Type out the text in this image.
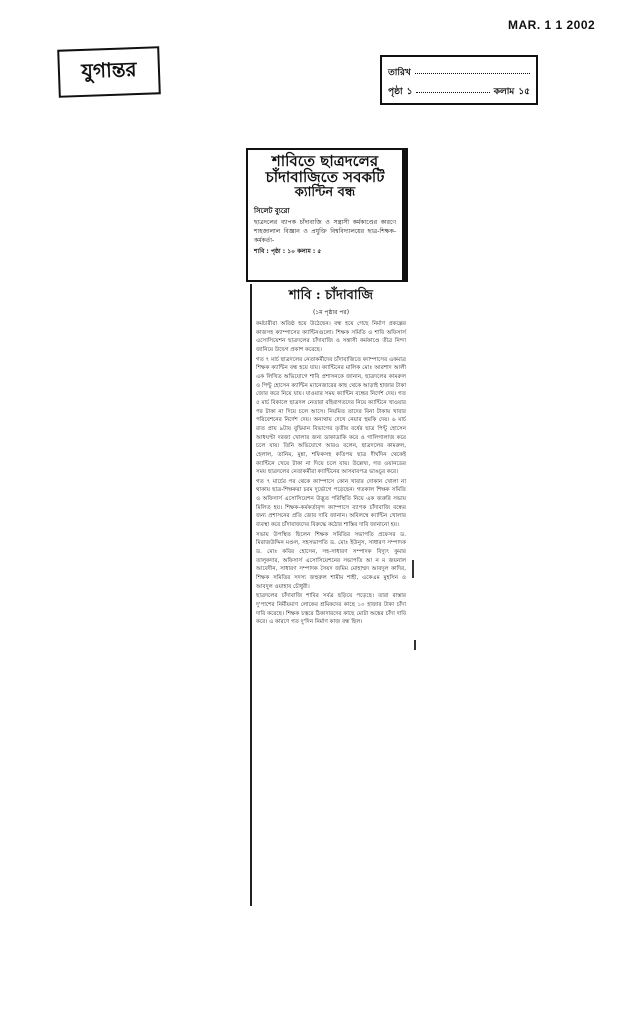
MAR. 1 1 2002
যুগান্তর	তারিখ
পৃষ্ঠা ১	কলাম ১৫
শাবিতে ছাত্রদলের
চাঁদাবাজিতে সবকটি
ক্যান্টিন বন্ধ
সিলেট ব্যুরো
ছাত্রদলের ব্যাপক চাঁদাবাজি ও সন্ত্রাসী কর্মকাণ্ডের কারণে শাহজালাল বিজ্ঞান ও প্রযুক্তি বিশ্ববিদ্যালয়ের ছাত্র-শিক্ষক-কর্মকর্তা-
শাবি : পৃষ্ঠা : ১০ কলাম : ৫
শাবি : চাঁদাবাজি
(১ম পৃষ্ঠার পর)

কর্মচারীরা অতিষ্ঠ হয়ে উঠেছেন। বন্ধ হয়ে গেছে নির্মাণ প্রকল্পের কাজসহ ক্যাম্পাসের ক্যান্টিনগুলো। শিক্ষক সমিতি ও শাবি অফিসার্স এসোসিয়েশন ছাত্রদলের চাঁদাবাজি ও সন্ত্রাসী কর্মকাণ্ডে তীব্র নিন্দা জানিয়ে উদ্বেগ প্রকাশ করেছে।

গত ৭ মার্চ ছাত্রদলের নেতাকর্মীদের চাঁদাবাজিতে ক্যাম্পাসের একমাত্র শিক্ষক ক্যান্টিন বন্ধ হয়ে যায়। ক্যান্টিনের মালিক মোঃ আরশাদ আলী এক লিখিত অভিযোগে শাবি প্রশাসনকে জানান, ছাত্রদলের কামরুল ও পিন্টু হোসেন ক্যান্টিন ম্যানেজারের কাছ থেকে আড়াই হাজার টাকা জোর করে নিয়ে যায়। যাওয়ার সময় ক্যান্টিন বন্ধের নির্দেশ দেয়। গত ৫ মার্চ বিকালে ছাত্রদল নেতারা বহিরাগতদের নিয়ে ক্যান্টিনে খাওয়ার পর টাকা না দিয়ে চলে আসে। নিয়মিত তাদের বিনা টাকায় খাবার পরিবেশনের নির্দেশ দেয়। অন্যথায় দেখে নেয়ার হুমকি দেয়। ৬ মার্চ রাত প্রায় ৯টায় বুদ্বিমান বিভাগের তৃতীয় বর্ষের ছাত্র পিন্টু হোসেন আধঘণ্টা দরজা খোলার জন্য ডাকাডাকি করে ও গালিগালাজ করে চলে যায়। তিনি অভিযোগে আরও বলেন, ছাত্রদলের কামরুল, হেলাল, তানিম, মুন্না, শফিকসহ কতিপয় ছাত্র দীর্ঘদিন থেকেই ক্যান্টিনে খেয়ে টাকা না দিয়ে চলে যায়। উল্লেখ্য, গত ওয়ানডের সময় ছাত্রদলের নেতাকর্মীরা ক্যান্টিনের আসবাবপত্র ভাঙচুর করে।

গত ৭ মার্চের পর থেকে ক্যাম্পাসে কোন খাবার দোকান খোলা না থাকায় ছাত্র-শিক্ষকরা চরম দুর্ভোগে পড়েছেন। গতকাল শিক্ষক সমিতি ও অফিসার্স এসোসিয়েশন উদ্ভূত পরিস্থিতি নিয়ে এক জরুরি সভায় মিলিত হয়। শিক্ষক-কর্মকর্তাবৃন্দ ক্যাম্পাসে ব্যাপক চাঁদাবাজি বন্ধের জন্য প্রশাসনের প্রতি জোর দাবি জানান। অবিলম্বে ক্যান্টিন খোলার ব্যবস্থা করে চাঁদাবাজদের বিরুদ্ধে কঠোর শাস্তির দাবি জানানো হয়।

সভায় উপস্থিত ছিলেন শিক্ষক সমিতির সভাপতি প্রফেসর ড. মিরাজউদ্দিন মণ্ডল, সহসভাপতি ড. মোঃ ইউনুস, সাধারণ সম্পাদক ড. মোঃ কবির হোসেন, সহ-সাধারণ সম্পাদক বিদ্যুৎ কুমার তালুকদার, অফিসার্স এসোসিয়েশনের সভাপতি আ ন ম জয়নাল আবেদীন, সাধারণ সম্পাদক সৈয়দ জমিম মোহাম্মদ আবদুল কাদির, শিক্ষক সমিতির সদস্য জহুরুল শামীম শাহী, একেএম মুহসিন ও আবদুল ওয়াহাব চৌধুরী।

ছাত্রদলের চাঁদাবাজি শাবির সর্বত্র ছড়িয়ে পড়েছে। তারা রাস্তার দু'পাশের নির্মীয়মাণ লোকের শ্রমিকদের কাছে ১০ হাজার টাকা চাঁদা দাবি করেছে। শিক্ষক চত্বরে ঠিকাদারদের কাছে মোটা অঙ্কের চাঁদা দাবি করে। এ কারণে গত দু'দিন নির্মাণ কাজ বন্ধ ছিল।
